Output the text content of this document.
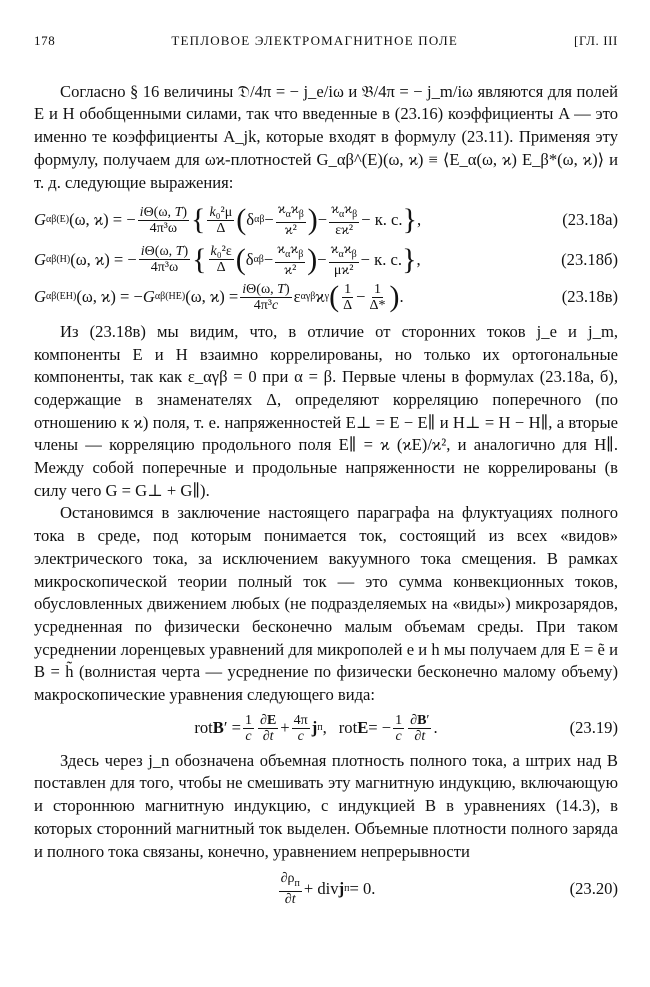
178	ТЕПЛОВОЕ ЭЛЕКТРОМАГНИТНОЕ ПОЛЕ	[ГЛ. III

Согласно § 16 величины 𝔇/4π = − j_e/iω и 𝔅/4π = − j_m/iω являются для полей E и H обобщенными силами, так что введенные в (23.16) коэффициенты A — это именно те коэффициенты A_jk, которые входят в формулу (23.11). Применяя эту формулу, получаем для ωϰ-плотностей G_αβ^(E)(ω, ϰ) ≡ ⟨E_α(ω, ϰ) E_β*(ω, ϰ)⟩ и т. д. следующие выражения:

G αβ (E) (ω, ϰ) = − $\frac{i\Theta(\omega, T)}{\text{4π³ω}}$ { $\frac{\text{k₀²μ}}{\Delta}$ ( δ $\alpha\beta - \frac{ϰ_\alpha ϰ_\beta}{\text{ϰ²}}$ ) − $\frac{ϰ_\alpha ϰ_\beta}{\text{εϰ²}} - к$. с. } ,	(23.18а)
G αβ (H) (ω, ϰ) = − $\frac{i\Theta(\omega, T)}{\text{4π³ω}}$ { $\frac{\text{k₀²ε}}{\Delta}$ ( δ $\alpha\beta - \frac{ϰ_\alpha ϰ_\beta}{\text{ϰ²}}$ ) − $\frac{ϰ_\alpha ϰ_\beta}{\text{μϰ²}} - к$. с. } ,	(23.18б)
G αβ (EH) (ω, ϰ) = − G αβ (HE) (ω, $ϰ) = \frac{i\Theta(\omega, T)}{\text{4π³c}}$ ε αγβ ϰ γ ( $\frac{1}{\Delta} - \frac{1}{\Delta*}$ ) .	(23.18в)

Из (23.18в) мы видим, что, в отличие от сторонних токов j_e и j_m, компоненты E и H взаимно коррелированы, но только их ортогональные компоненты, так как ε_αγβ = 0 при α = β. Первые члены в формулах (23.18а, б), содержащие в знаменателях Δ, определяют корреляцию поперечного (по отношению к ϰ) поля, т. е. напряженностей E⊥ = E − E∥ и H⊥ = H − H∥, а вторые члены — корреляцию продольного поля E∥ = ϰ (ϰE)/ϰ², и аналогично для H∥. Между собой поперечные и продольные напряженности не коррелированы (в силу чего G = G⊥ + G∥).

Остановимся в заключение настоящего параграфа на флуктуациях полного тока в среде, под которым понимается ток, состоящий из всех «видов» электрического тока, за исключением вакуумного тока смещения. В рамках микроскопической теории полный ток — это сумма конвекционных токов, обусловленных движением любых (не подразделяемых на «виды») микрозарядов, усредненная по физически бесконечно малым объемам среды. При таком усреднении лоренцевых уравнений для микрополей e и h мы получаем для E = ẽ и B = h̃ (волнистая черта — усреднение по физически бесконечно малому объему) макроскопические уравнения следующего вида:

rot B ′ = $\frac{1}{c} \frac{\partial E}{\partial t} + \frac{4\pi}{c}$ j п ,
rot E = − $\frac{1}{c} \frac{\partial B'}{\partial t}$ .	(23.19)

Здесь через j_n обозначена объемная плотность полного тока, а штрих над B поставлен для того, чтобы не смешивать эту магнитную индукцию, включающую и стороннюю магнитную индукцию, с индукцией B в уравнениях (14.3), в которых сторонний магнитный ток выделен. Объемные плотности полного заряда и полного тока связаны, конечно, уравнением непрерывности

$\frac{\partial\rho_п}{\partial t}$ + div j п = 0.	(23.20)
